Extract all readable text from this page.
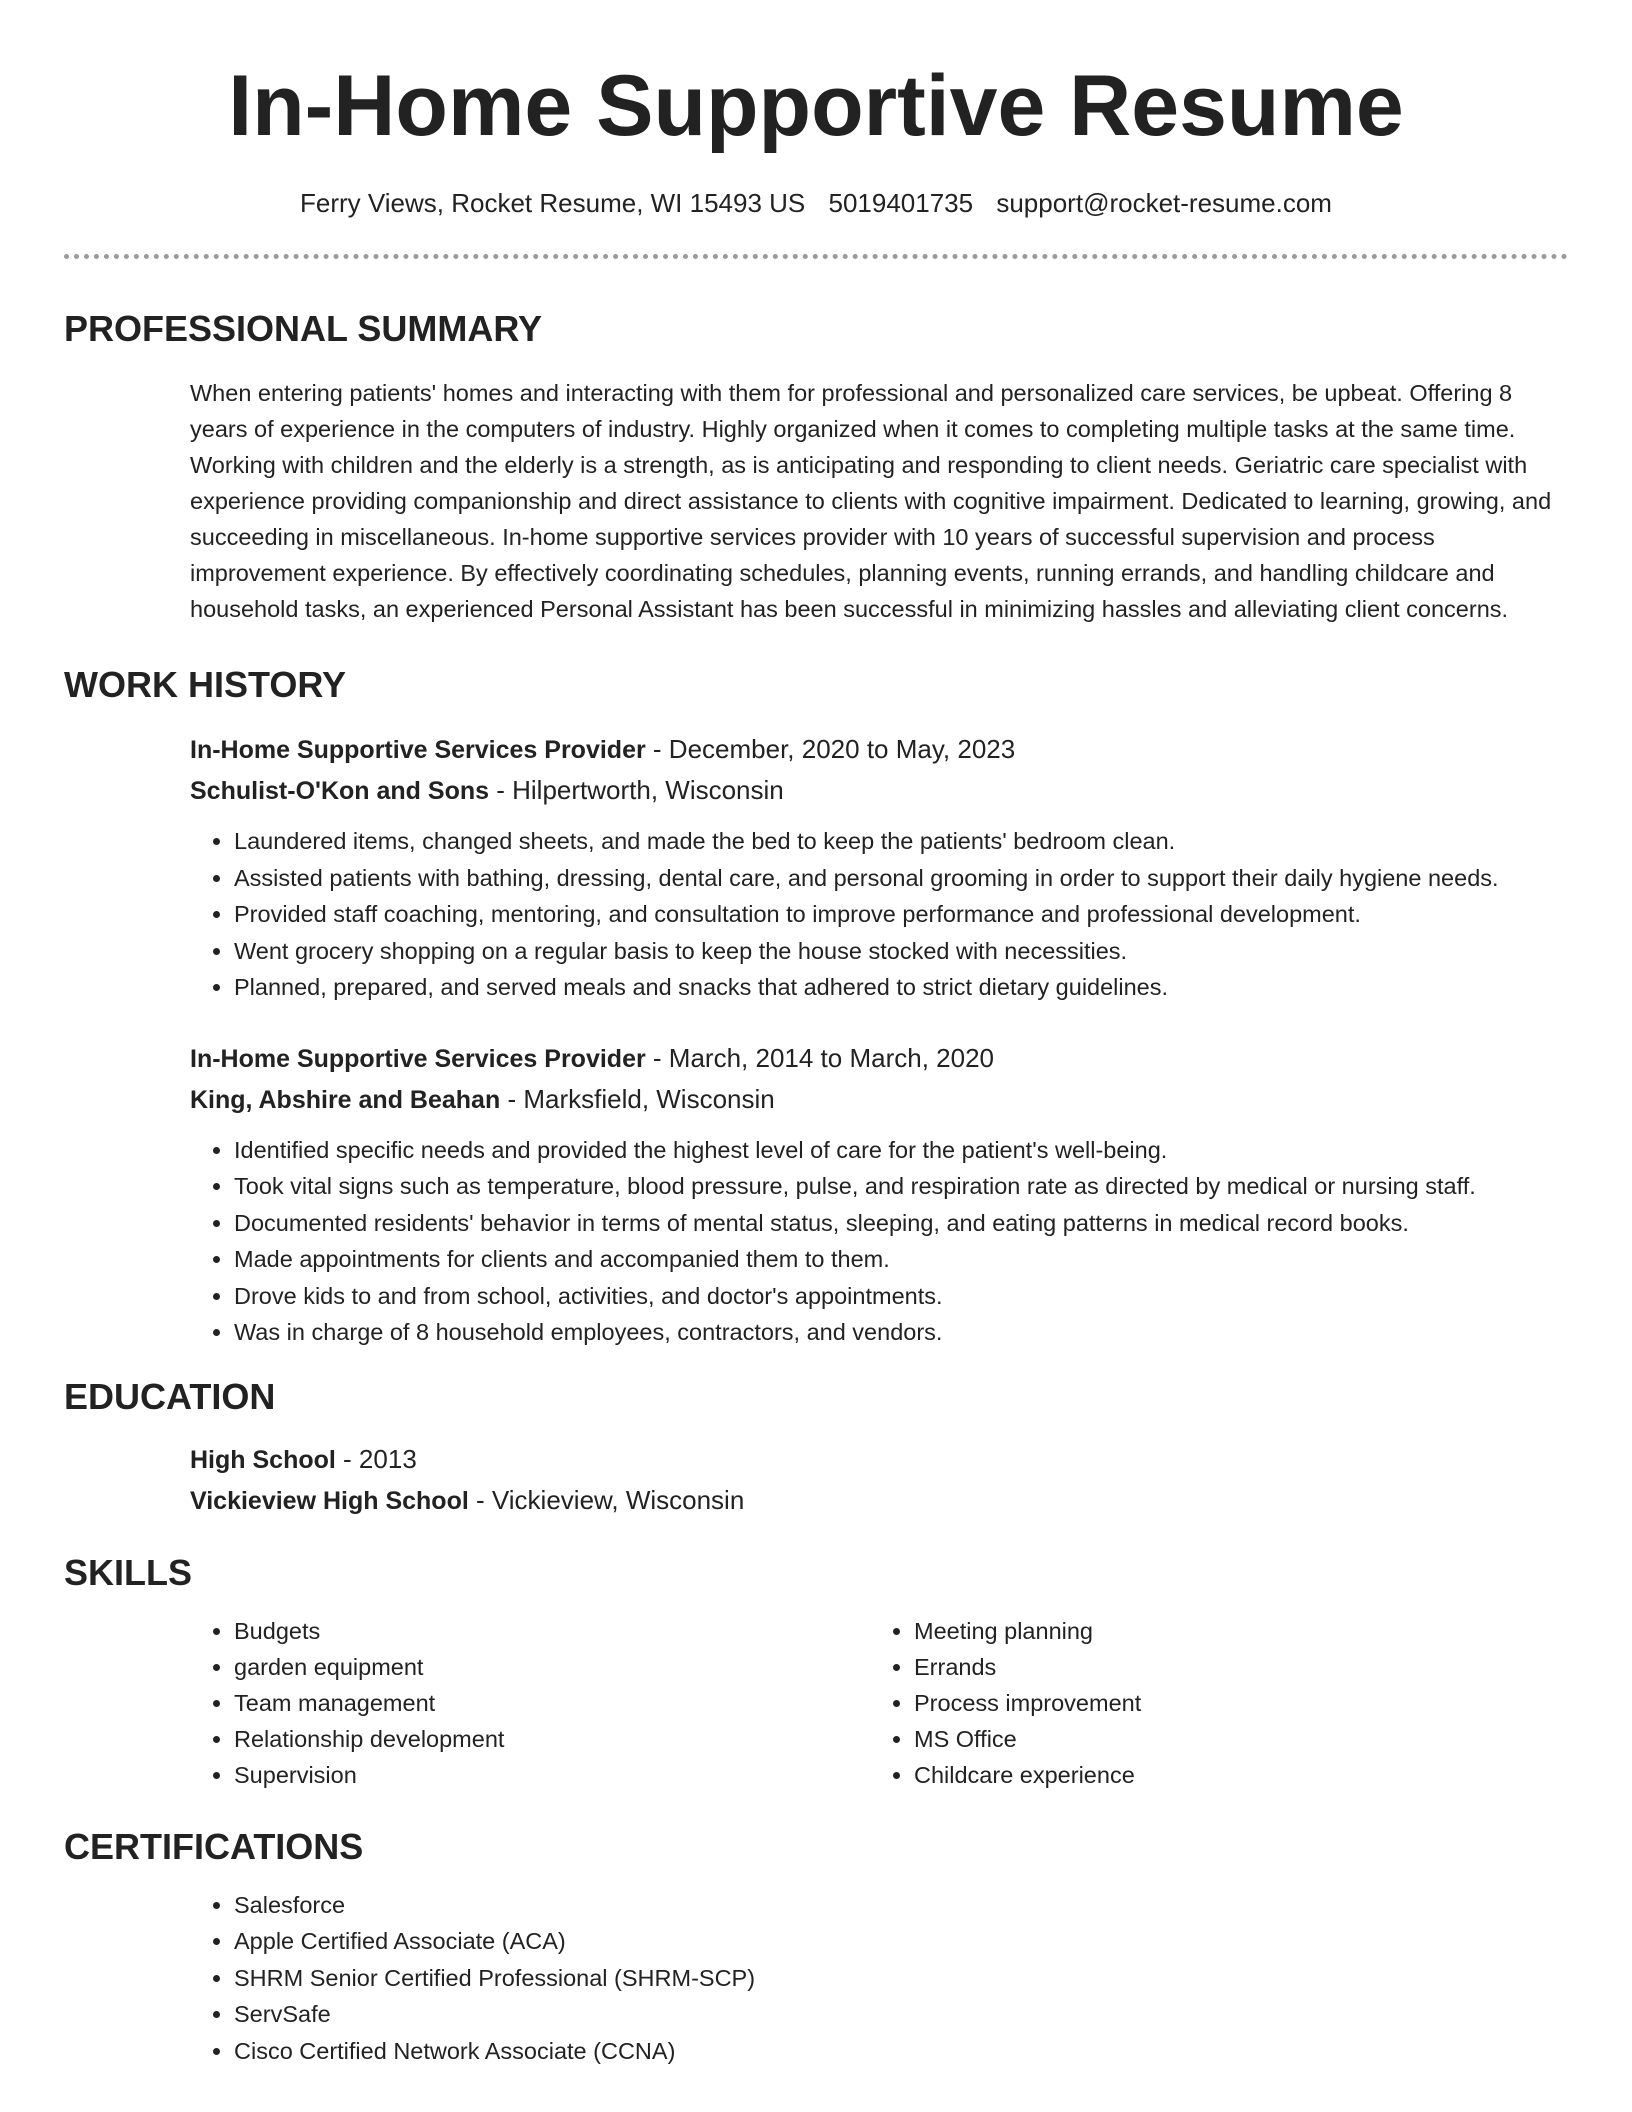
In-Home Supportive Resume
Ferry Views, Rocket Resume, WI 15493 US 5019401735 support@rocket-resume.com
PROFESSIONAL SUMMARY

When entering patients' homes and interacting with them for professional and personalized care services, be upbeat. Offering 8 years of experience in the computers of industry. Highly organized when it comes to completing multiple tasks at the same time. Working with children and the elderly is a strength, as is anticipating and responding to client needs. Geriatric care specialist with experience providing companionship and direct assistance to clients with cognitive impairment. Dedicated to learning, growing, and succeeding in miscellaneous. In-home supportive services provider with 10 years of successful supervision and process improvement experience. By effectively coordinating schedules, planning events, running errands, and handling childcare and household tasks, an experienced Personal Assistant has been successful in minimizing hassles and alleviating client concerns.

WORK HISTORY
In-Home Supportive Services Provider - December, 2020 to May, 2023
Schulist-O'Kon and Sons - Hilpertworth, Wisconsin
• Laundered items, changed sheets, and made the bed to keep the patients' bedroom clean.
• Assisted patients with bathing, dressing, dental care, and personal grooming in order to support their daily hygiene needs.
• Provided staff coaching, mentoring, and consultation to improve performance and professional development.
• Went grocery shopping on a regular basis to keep the house stocked with necessities.
• Planned, prepared, and served meals and snacks that adhered to strict dietary guidelines.
In-Home Supportive Services Provider - March, 2014 to March, 2020
King, Abshire and Beahan - Marksfield, Wisconsin
• Identified specific needs and provided the highest level of care for the patient's well-being.
• Took vital signs such as temperature, blood pressure, pulse, and respiration rate as directed by medical or nursing staff.
• Documented residents' behavior in terms of mental status, sleeping, and eating patterns in medical record books.
• Made appointments for clients and accompanied them to them.
• Drove kids to and from school, activities, and doctor's appointments.
• Was in charge of 8 household employees, contractors, and vendors.
EDUCATION
High School - 2013
Vickieview High School - Vickieview, Wisconsin
SKILLS
• Budgets
• garden equipment
• Team management
• Relationship development
• Supervision
• Meeting planning
• Errands
• Process improvement
• MS Office
• Childcare experience
CERTIFICATIONS
• Salesforce
• Apple Certified Associate (ACA)
• SHRM Senior Certified Professional (SHRM-SCP)
• ServSafe
• Cisco Certified Network Associate (CCNA)
